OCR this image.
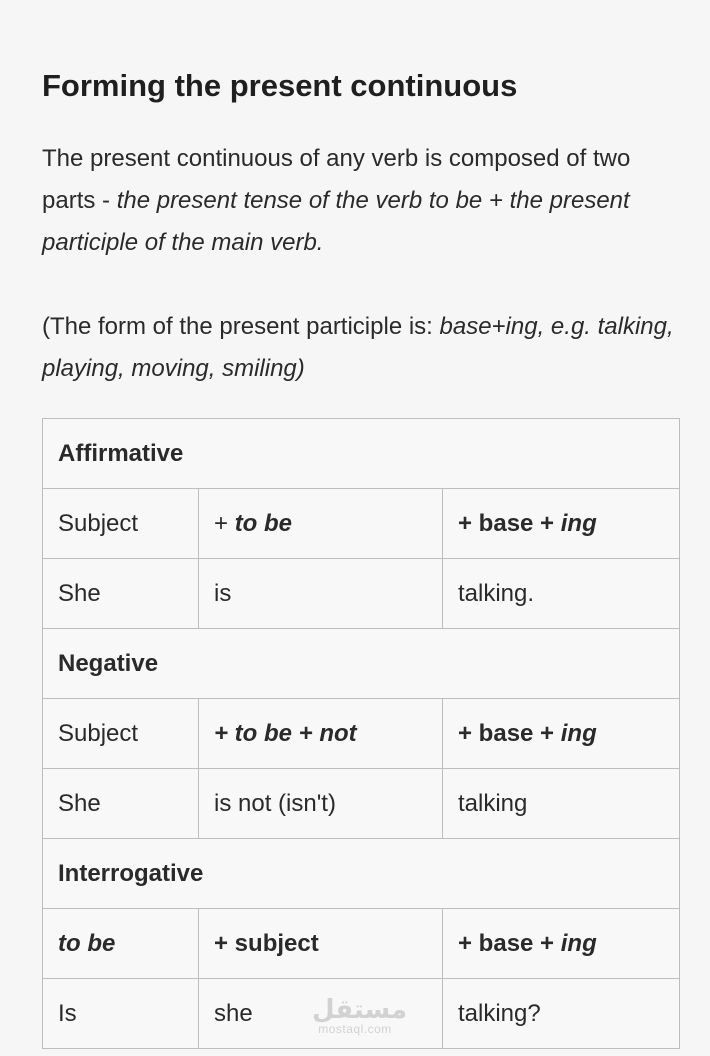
Forming the present continuous

The present continuous of any verb is composed of two parts - the present tense of the verb to be + the present participle of the main verb.

(The form of the present participle is: base+ing, e.g. talking, playing, moving, smiling)

Affirmative		
Subject	+ to be	+ base + ing
She	is	talking.
Negative		
Subject	+ to be + not	+ base + ing
She	is not (isn't)	talking
Interrogative		
to be	+ subject	+ base + ing
Is	she	talking?
مستقل
mostaql.com
